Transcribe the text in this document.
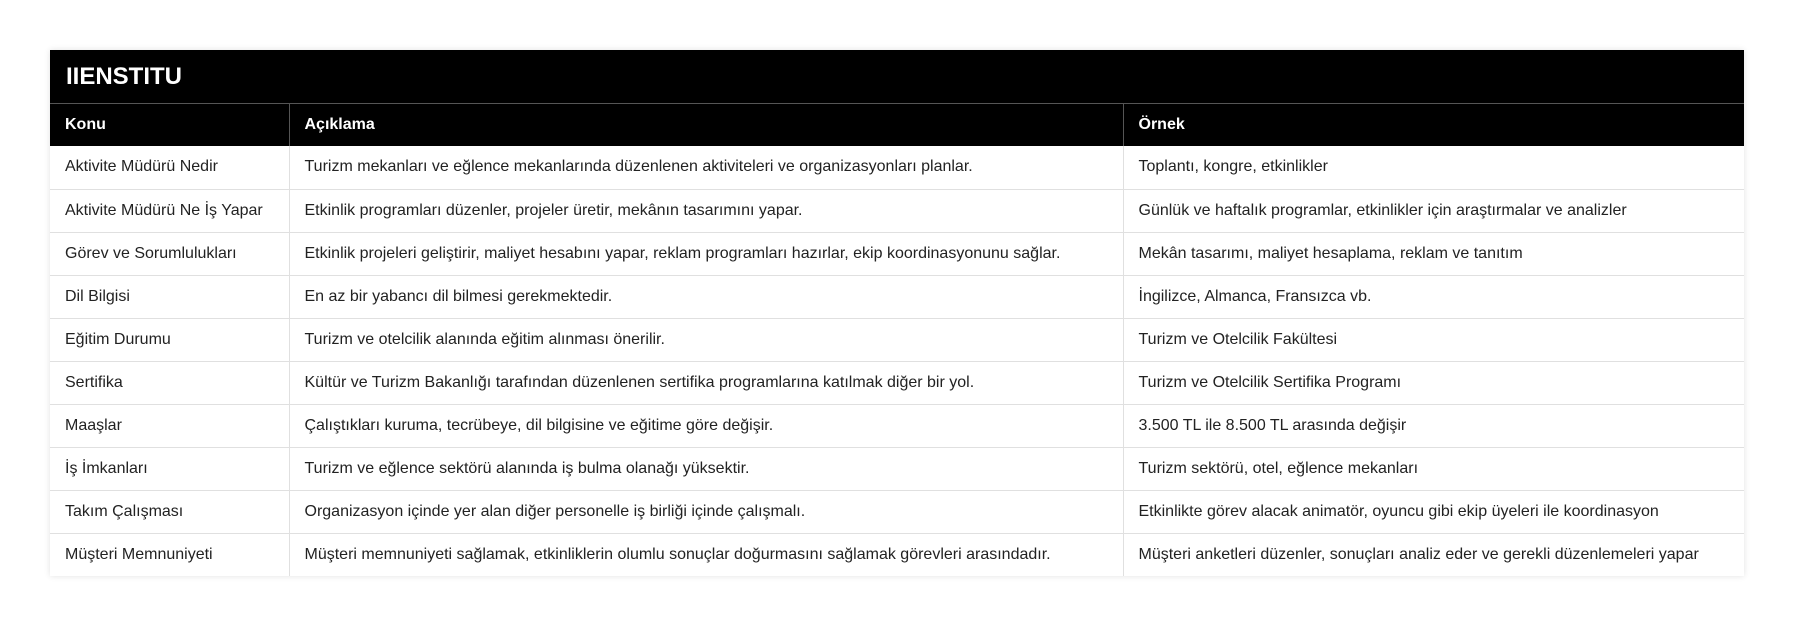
IIENSTITU
Konu	Açıklama	Örnek
Aktivite Müdürü Nedir	Turizm mekanları ve eğlence mekanlarında düzenlenen aktiviteleri ve organizasyonları planlar.	Toplantı, kongre, etkinlikler
Aktivite Müdürü Ne İş Yapar	Etkinlik programları düzenler, projeler üretir, mekânın tasarımını yapar.	Günlük ve haftalık programlar, etkinlikler için araştırmalar ve analizler
Görev ve Sorumlulukları	Etkinlik projeleri geliştirir, maliyet hesabını yapar, reklam programları hazırlar, ekip koordinasyonunu sağlar.	Mekân tasarımı, maliyet hesaplama, reklam ve tanıtım
Dil Bilgisi	En az bir yabancı dil bilmesi gerekmektedir.	İngilizce, Almanca, Fransızca vb.
Eğitim Durumu	Turizm ve otelcilik alanında eğitim alınması önerilir.	Turizm ve Otelcilik Fakültesi
Sertifika	Kültür ve Turizm Bakanlığı tarafından düzenlenen sertifika programlarına katılmak diğer bir yol.	Turizm ve Otelcilik Sertifika Programı
Maaşlar	Çalıştıkları kuruma, tecrübeye, dil bilgisine ve eğitime göre değişir.	3.500 TL ile 8.500 TL arasında değişir
İş İmkanları	Turizm ve eğlence sektörü alanında iş bulma olanağı yüksektir.	Turizm sektörü, otel, eğlence mekanları
Takım Çalışması	Organizasyon içinde yer alan diğer personelle iş birliği içinde çalışmalı.	Etkinlikte görev alacak animatör, oyuncu gibi ekip üyeleri ile koordinasyon
Müşteri Memnuniyeti	Müşteri memnuniyeti sağlamak, etkinliklerin olumlu sonuçlar doğurmasını sağlamak görevleri arasındadır.	Müşteri anketleri düzenler, sonuçları analiz eder ve gerekli düzenlemeleri yapar
